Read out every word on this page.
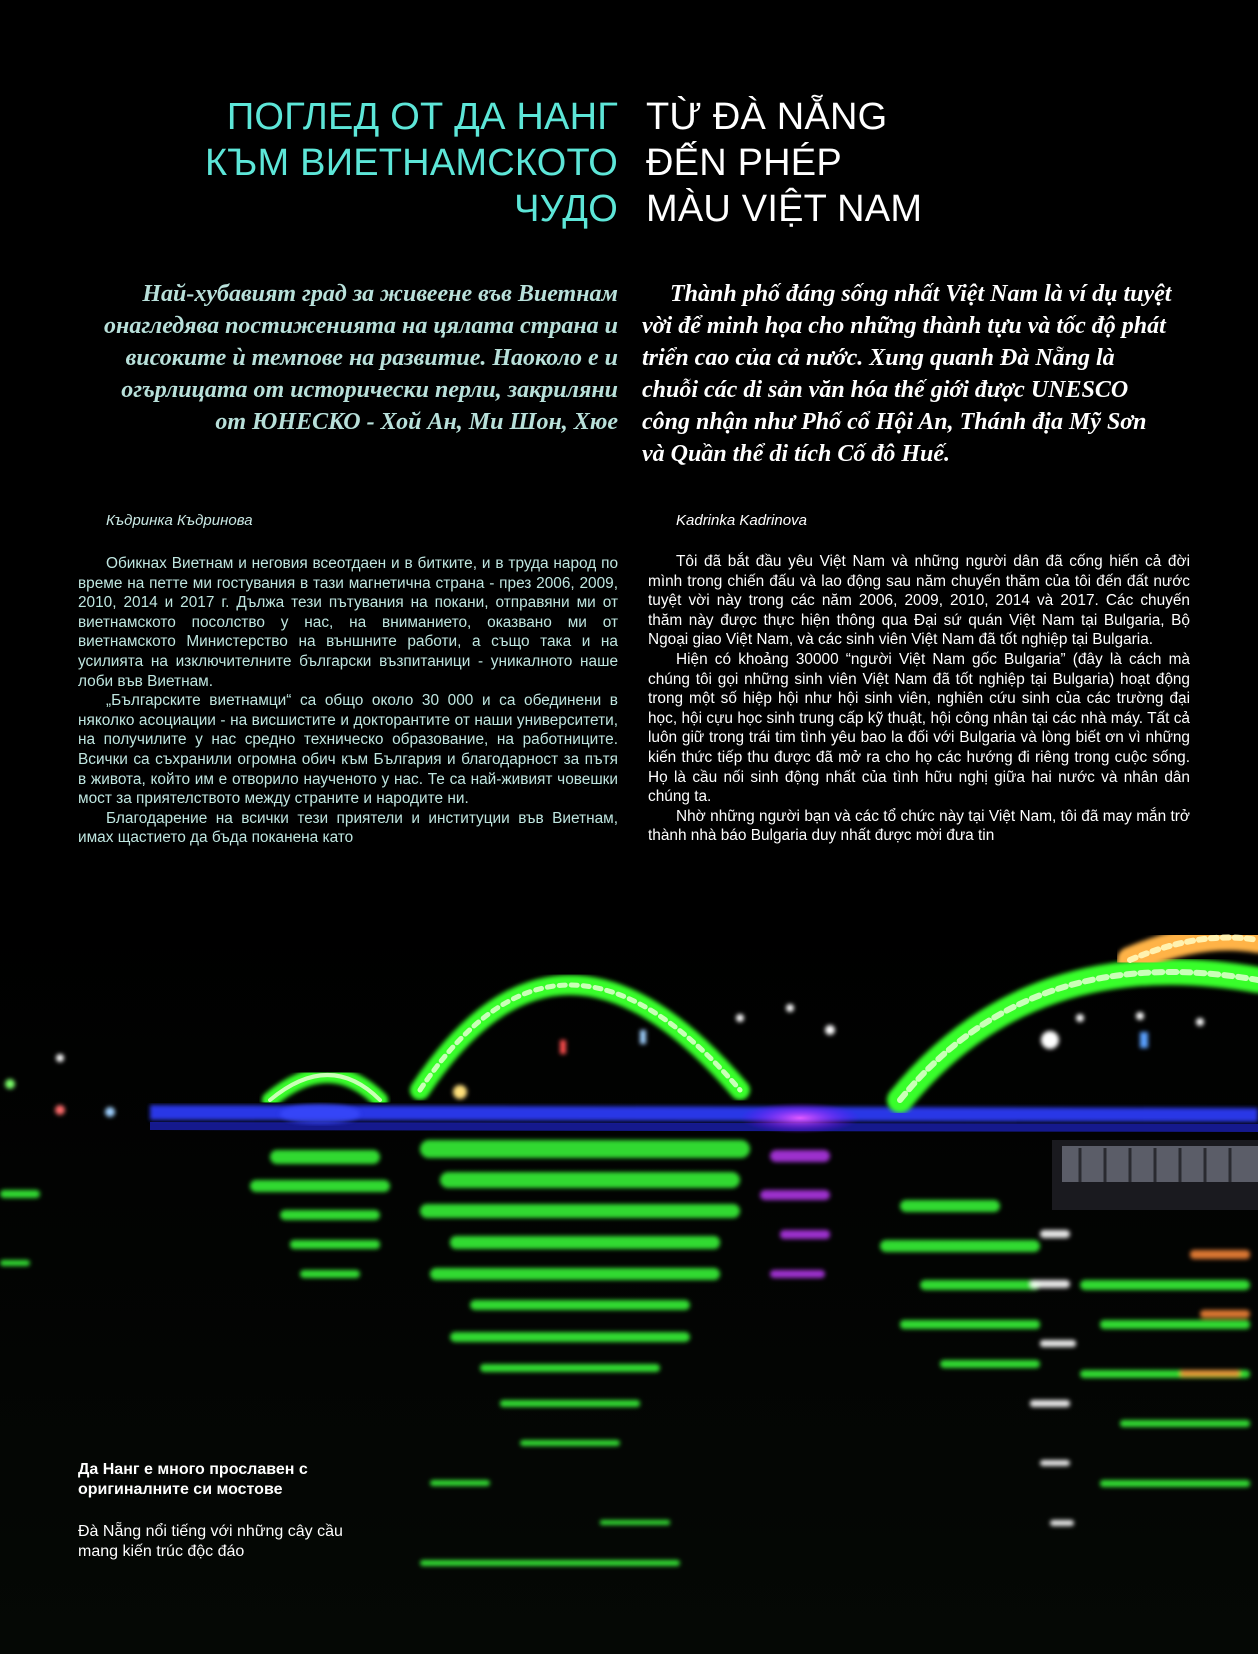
ПОГЛЕД ОТ ДА НАНГ
КЪМ ВИЕТНАМСКОТО
ЧУДО
TỪ ĐÀ NẴNG
ĐẾN PHÉP
MÀU VIỆT NAM
Най-хубавият град за живеене във Виетнам онагледява постиженията на цялата страна и високите ѝ темпове на развитие. Наоколо е и огърлицата от исторически перли, закриляни от ЮНЕСКО - Хой Ан, Ми Шон, Хюе
Thành phố đáng sống nhất Việt Nam là ví dụ tuyệt vời để minh họa cho những thành tựu và tốc độ phát triển cao của cả nước. Xung quanh Đà Nẵng là chuỗi các di sản văn hóa thế giới được UNESCO công nhận như Phố cổ Hội An, Thánh địa Mỹ Sơn và Quần thể di tích Cố đô Huế.
Къдринка Къдринова	Kadrinka Kadrinova

Обикнах Виетнам и неговия всеотдаен и в битките, и в труда народ по време на петте ми гостувания в тази магнетична страна - през 2006, 2009, 2010, 2014 и 2017 г. Дължа тези пътувания на покани, отправяни ми от виетнамското посолство у нас, на вниманието, оказвано ми от виетнамското Министерство на външните работи, а също така и на усилията на изключителните български възпитаници - уникалното наше лоби във Виетнам.

„Българските виетнамци“ са общо около 30 000 и са обединени в няколко асоциации - на висшистите и докторантите от наши университети, на получилите у нас средно техническо образование, на работниците. Всички са съхранили огромна обич към България и благодарност за пътя в живота, който им е отворило наученото у нас. Те са най-живият човешки мост за приятелството между страните и народите ни.

Благодарение на всички тези приятели и институции във Виетнам, имах щастието да бъда поканена като

Tôi đã bắt đầu yêu Việt Nam và những người dân đã cống hiến cả đời mình trong chiến đấu và lao động sau năm chuyến thăm của tôi đến đất nước tuyệt vời này trong các năm 2006, 2009, 2010, 2014 và 2017. Các chuyến thăm này được thực hiện thông qua Đại sứ quán Việt Nam tại Bulgaria, Bộ Ngoại giao Việt Nam, và các sinh viên Việt Nam đã tốt nghiệp tại Bulgaria.

Hiện có khoảng 30000 “người Việt Nam gốc Bulgaria” (đây là cách mà chúng tôi gọi những sinh viên Việt Nam đã tốt nghiệp tại Bulgaria) hoạt động trong một số hiệp hội như hội sinh viên, nghiên cứu sinh của các trường đại học, hội cựu học sinh trung cấp kỹ thuật, hội công nhân tại các nhà máy. Tất cả luôn giữ trong trái tim tình yêu bao la đối với Bulgaria và lòng biết ơn vì những kiến thức tiếp thu được đã mở ra cho họ các hướng đi riêng trong cuộc sống. Họ là cầu nối sinh động nhất của tình hữu nghị giữa hai nước và nhân dân chúng ta.

Nhờ những người bạn và các tổ chức này tại Việt Nam, tôi đã may mắn trở thành nhà báo Bulgaria duy nhất được mời đưa tin

Да Нанг е много прославен с оригиналните си мостове
Đà Nẵng nổi tiếng với những cây cầu mang kiến trúc độc đáo
